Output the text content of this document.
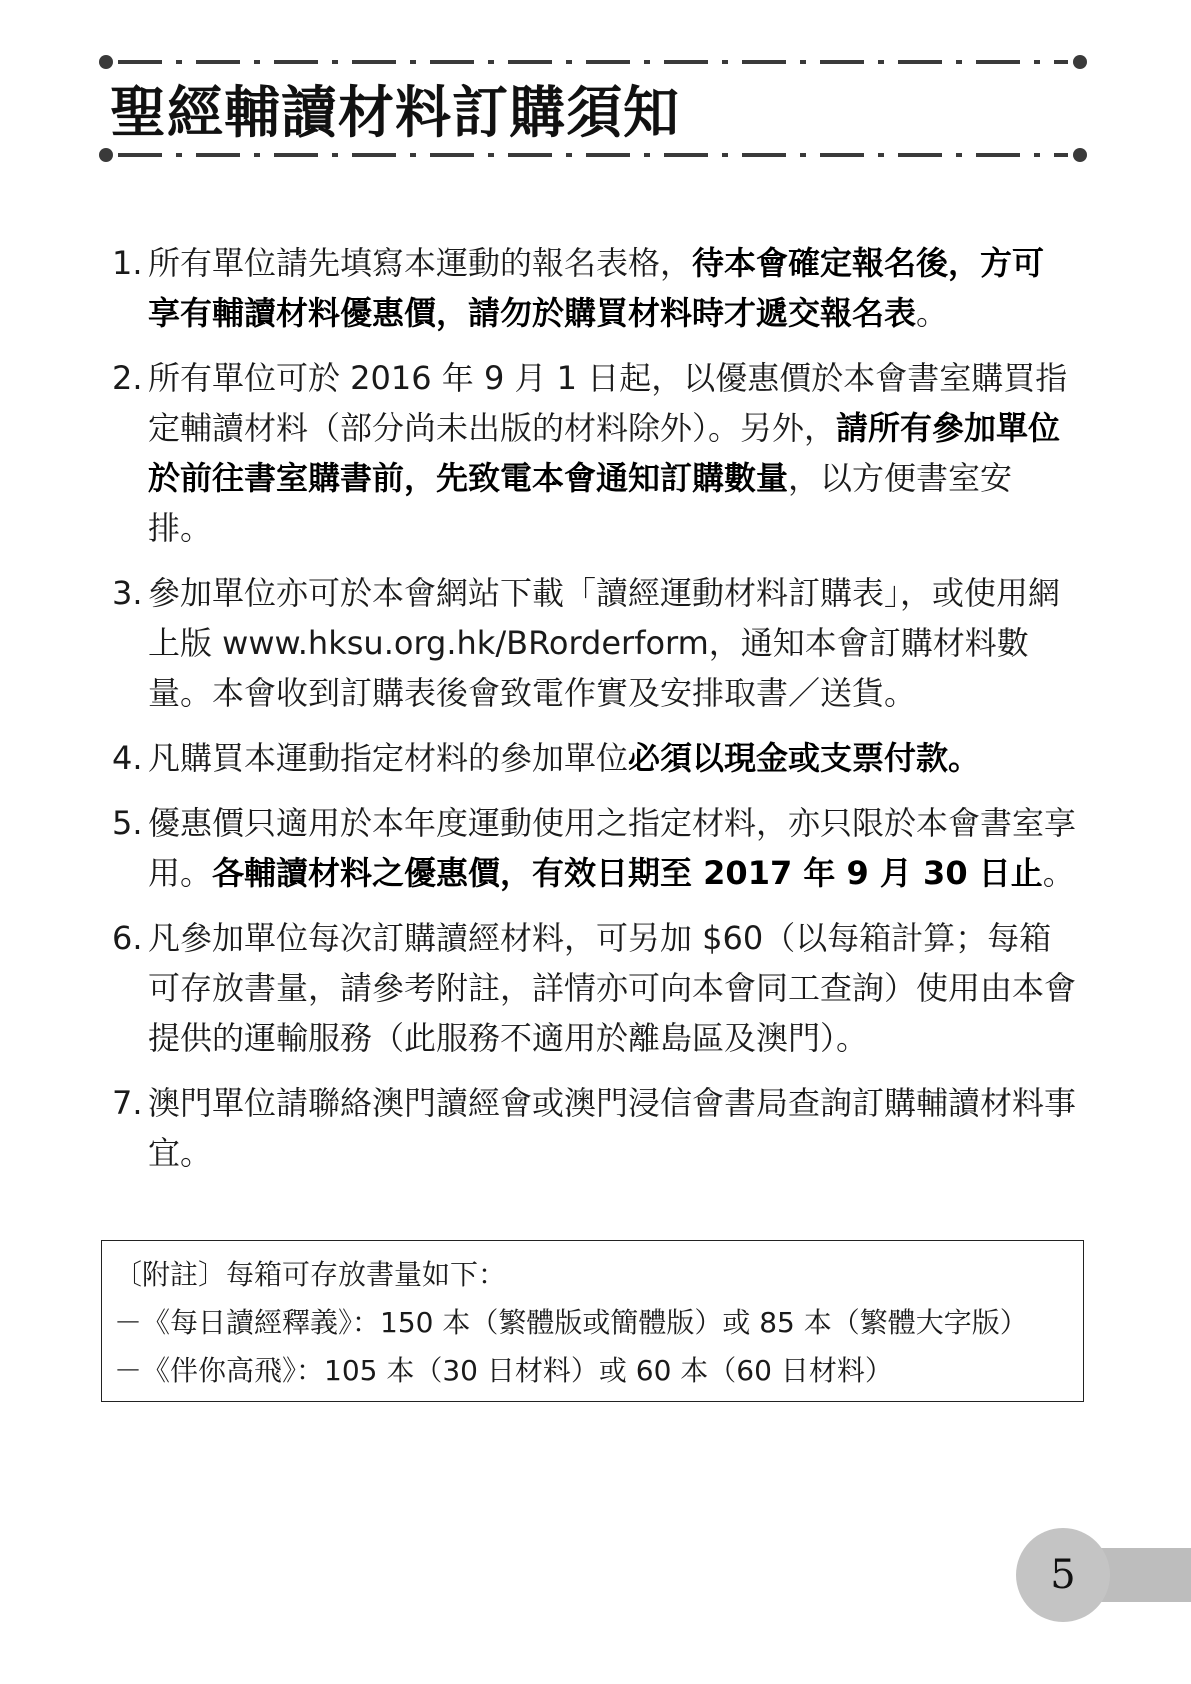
聖經輔讀材料訂購須知
1. 所有單位請先填寫本運動的報名表格，待本會確定報名後，方可享有輔讀材料優惠價，請勿於購買材料時才遞交報名表。
2. 所有單位可於 2016 年 9 月 1 日起，以優惠價於本會書室購買指定輔讀材料（部分尚未出版的材料除外）。另外，請所有參加單位於前往書室購書前，先致電本會通知訂購數量，以方便書室安排。
3. 參加單位亦可於本會網站下載「讀經運動材料訂購表」，或使用網上版 www.hksu.org.hk/BRorderform，通知本會訂購材料數量。本會收到訂購表後會致電作實及安排取書／送貨。
4. 凡購買本運動指定材料的參加單位必須以現金或支票付款。
5. 優惠價只適用於本年度運動使用之指定材料，亦只限於本會書室享用。各輔讀材料之優惠價，有效日期至 2017 年 9 月 30 日止。
6. 凡參加單位每次訂購讀經材料，可另加 $60（以每箱計算；每箱可存放書量，請參考附註，詳情亦可向本會同工查詢）使用由本會提供的運輸服務（此服務不適用於離島區及澳門）。
7. 澳門單位請聯絡澳門讀經會或澳門浸信會書局查詢訂購輔讀材料事宜。
〔附註〕每箱可存放書量如下：
－《每日讀經釋義》：150 本（繁體版或簡體版）或 85 本（繁體大字版）
－《伴你高飛》：105 本（30 日材料）或 60 本（60 日材料）
5
